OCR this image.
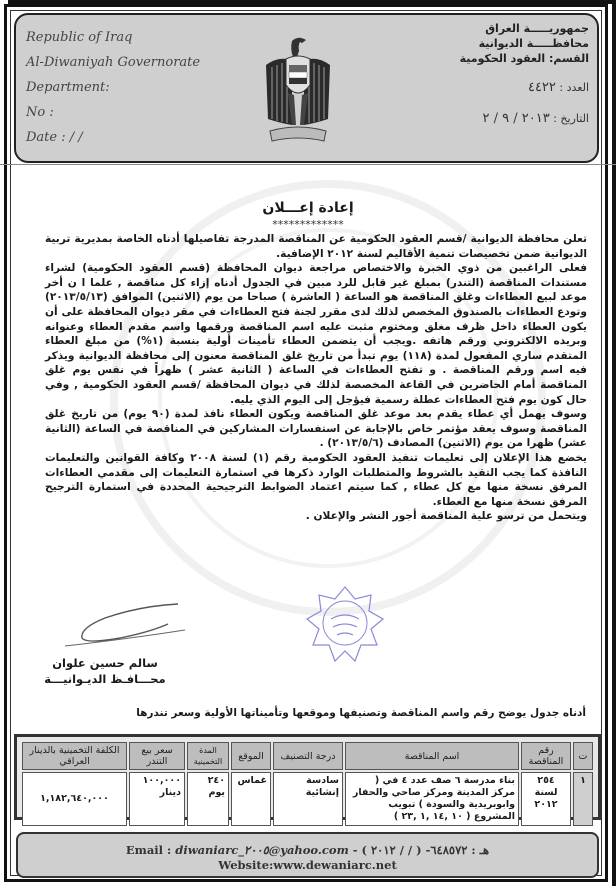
Republic of Iraq
Al-Diwaniyah Governorate
Department:
No :
Date : / /
جمهوريـــــة العراق
محافظـــــة الديوانية
القسم: العقود الحكومية
العدد : ٤٤٢٢
التاريخ : ٢٠١٣ / ٩ / ٢
إعادة إعـــلان
*************

تعلن محافظة الديوانية /قسم العقود الحكومية عن المناقصة المدرجة تفاصيلها أدناه الخاصة بمديرية تربية الديوانية ضمن تخصيصات تنمية الأقاليم لسنة ٢٠١٢ الإضافية.

فعلى الراغبين من ذوي الخبرة والاختصاص مراجعة ديوان المحافظة (قسم العقود الحكومية) لشراء مستندات المناقصة (التندر) بمبلغ غير قابل للرد مبين في الجدول أدناه إزاء كل مناقصة , علما ا ن أخر موعد لبيع العطاءات وغلق المناقصة هو الساعة ( العاشرة ) صباحا من يوم (الاثنين) الموافق (٢٠١٣/٥/١٣) وتودع العطاءات بالصندوق المخصص لذلك لدى مقرر لجنة فتح العطاءات في مقر ديوان المحافظة على أن يكون العطاء داخل ظرف مغلق ومختوم مثبت عليه اسم المناقصة ورقمها واسم مقدم العطاء وعنوانه وبريده الالكتروني ورقم هاتفه .ويجب أن يتضمن العطاء تأمينات أولية بنسبة (١%) من مبلغ العطاء المتقدم ساري المفعول لمدة (١١٨) يوم تبدأ من تاريخ غلق المناقصة معنون إلى محافظة الديوانية ويذكر فيه اسم ورقم المناقصة . و تفتح العطاءات في الساعة ( الثانية عشر ) ظهراً في نفس يوم غلق المناقصة أمام الحاضرين في القاعة المخصصة لذلك في ديوان المحافظة /قسم العقود الحكومية , وفي حال كون يوم فتح العطاءات عطلة رسمية فيؤجل إلى اليوم الذي يليه.

وسوف يهمل أي عطاء يقدم بعد موعد غلق المناقصة ويكون العطاء نافذ لمدة (٩٠ يوم) من تاريخ غلق المناقصة وسوف يعقد مؤتمر خاص بالإجابة عن استفسارات المشاركين في المناقصة في الساعة (الثانية عشر) ظهرا من يوم (الاثنين) المصادف (٢٠١٣/٥/٦) .

يخضع هذا الإعلان إلى تعليمات تنفيذ العقود الحكومية رقم (١) لسنة ٢٠٠٨ وكافة القوانين والتعليمات النافذة كما يجب التقيد بالشروط والمتطلبات الوارد ذكرها في استمارة التعليمات إلى مقدمي العطاءات المرفق نسخة منها مع كل عطاء , كما سيتم اعتماد الضوابط الترجيحية المحددة في استمارة الترجيح المرفق نسخة منها مع العطاء.

ويتحمل من ترسو علية المناقصة أجور النشر والإعلان .

سالم حسين علوان
محـــافـظ الديـوانيـــة
أدناه جدول يوضح رقم واسم المناقصة وتصنيفها وموقعها وتأميناتها الأولية وسعر تندرها
ت	رقم المناقصة	اسم المناقصة	درجة التصنيف	الموقع	المدة التخمينية	سعر بيع التندر	الكلفة التخمينية بالدينار العراقي
١	٢٥٤ لسنة ٢٠١٢	بناء مدرسة ٦ صف عدد ٤ في ( مركز المدينة ومركز صاحي والحفار وابوبريدية والسودة ) تبويب المشروع ( ١٠ ,١٤ ,١ ,٢٣ )	سادسة إنشائية	غماس	٢٤٠ يوم	١٠٠,٠٠٠ دينار	١,١٨٢,٦٤٠,٠٠٠
Email : diwaniarc_٢٠٠٥@yahoo.com - هـ : ٦٤٨٥٧٢- ( / / ٢٠١٢ )
Website:www.dewaniarc.net
